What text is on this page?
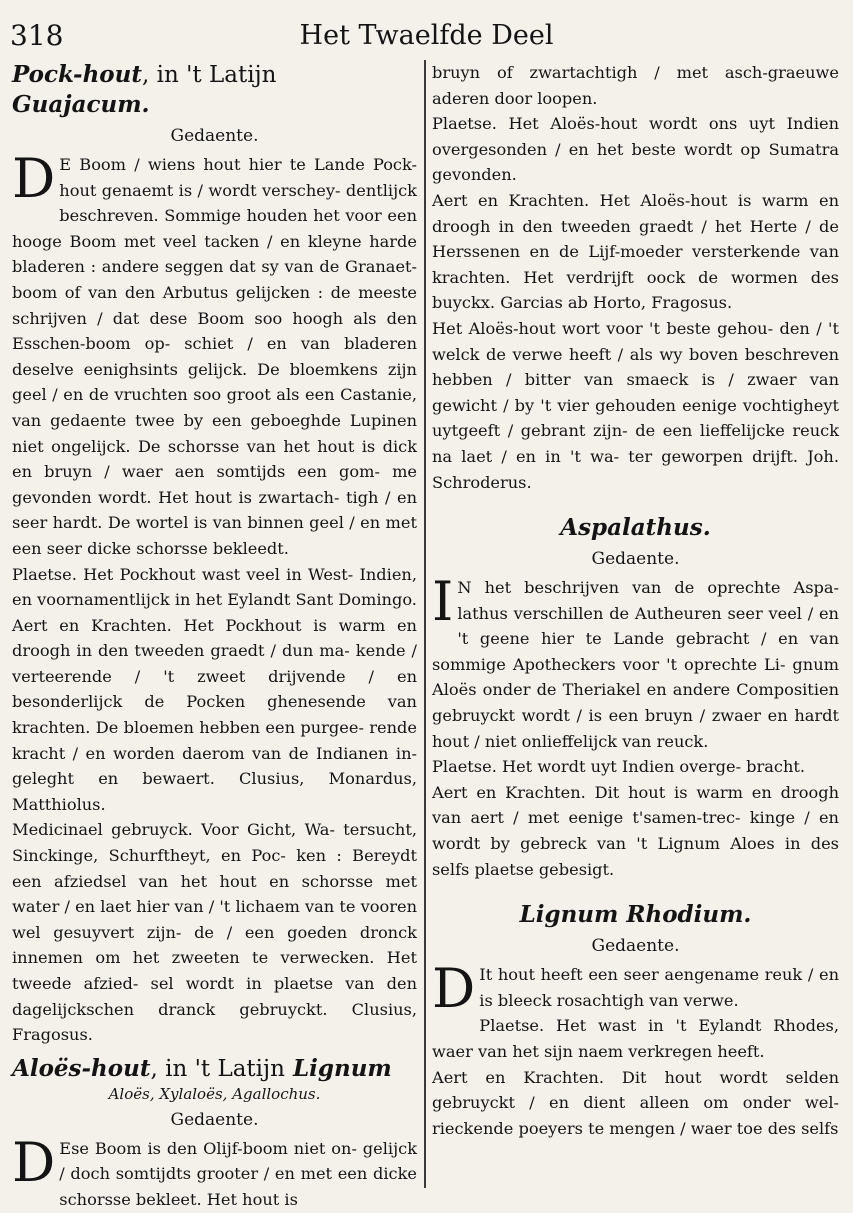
318	Het Twaelfde Deel
Pock-hout, in 't Latijn Guajacum.
Gedaente.

D E Boom / wiens hout hier te Lande Pock-hout genaemt is / wordt verschey- dentlijck beschreven. Sommige houden het voor een hooge Boom met veel tacken / en kleyne harde bladeren : andere seggen dat sy van de Granaet-boom of van den Arbutus gelijcken : de meeste schrijven / dat dese Boom soo hoogh als den Esschen-boom op- schiet / en van bladeren deselve eenighsints gelijck. De bloemkens zijn geel / en de vruchten soo groot als een Castanie, van gedaente twee by een geboeghde Lupinen niet ongelijck. De schorsse van het hout is dick en bruyn / waer aen somtijds een gom- me gevonden wordt. Het hout is zwartach- tigh / en seer hardt. De wortel is van binnen geel / en met een seer dicke schorsse bekleedt.

Plaetse. Het Pockhout wast veel in West- Indien, en voornamentlijck in het Eylandt Sant Domingo.

Aert en Krachten. Het Pockhout is warm en droogh in den tweeden graedt / dun ma- kende / verteerende / 't zweet drijvende / en besonderlijck de Pocken ghenesende van krachten. De bloemen hebben een purgee- rende kracht / en worden daerom van de Indianen in-geleght en bewaert. Clusius, Monardus, Matthiolus.

Medicinael gebruyck. Voor Gicht, Wa- tersucht, Sinckinge, Schurftheyt, en Poc- ken : Bereydt een afziedsel van het hout en schorsse met water / en laet hier van / 't lichaem van te vooren wel gesuyvert zijn- de / een goeden dronck innemen om het zweeten te verwecken. Het tweede afzied- sel wordt in plaetse van den dagelijckschen dranck gebruyckt. Clusius, Fragosus.

Aloës-hout, in 't Latijn Lignum
Aloës, Xylaloës, Agallochus.
Gedaente.

D Ese Boom is den Olijf-boom niet on- gelijck / doch somtijdts grooter / en met een dicke schorsse bekleet. Het hout is

bruyn of zwartachtigh / met asch-graeuwe aderen door loopen.

Plaetse. Het Aloës-hout wordt ons uyt Indien overgesonden / en het beste wordt op Sumatra gevonden.

Aert en Krachten. Het Aloës-hout is warm en droogh in den tweeden graedt / het Herte / de Herssenen en de Lijf-moeder versterkende van krachten. Het verdrijft oock de wormen des buyckx. Garcias ab Horto, Fragosus.

Het Aloës-hout wort voor 't beste gehou- den / 't welck de verwe heeft / als wy boven beschreven hebben / bitter van smaeck is / zwaer van gewicht / by 't vier gehouden eenige vochtigheyt uytgeeft / gebrant zijn- de een lieffelijcke reuck na laet / en in 't wa- ter geworpen drijft. Joh. Schroderus.

Aspalathus.
Gedaente.

I N het beschrijven van de oprechte Aspa- lathus verschillen de Autheuren seer veel / en 't geene hier te Lande gebracht / en van sommige Apotheckers voor 't oprechte Li- gnum Aloës onder de Theriakel en andere Compositien gebruyckt wordt / is een bruyn / zwaer en hardt hout / niet onlieffelijck van reuck.

Plaetse. Het wordt uyt Indien overge- bracht.

Aert en Krachten. Dit hout is warm en droogh van aert / met eenige t'samen-trec- kinge / en wordt by gebreck van 't Lignum Aloes in des selfs plaetse gebesigt.

Lignum Rhodium.
Gedaente.

D It hout heeft een seer aengename reuk / en is bleeck rosachtigh van verwe.

Plaetse. Het wast in 't Eylandt Rhodes, waer van het sijn naem verkregen heeft.

Aert en Krachten. Dit hout wordt selden gebruyckt / en dient alleen om onder wel- rieckende poeyers te mengen / waer toe des selfs
